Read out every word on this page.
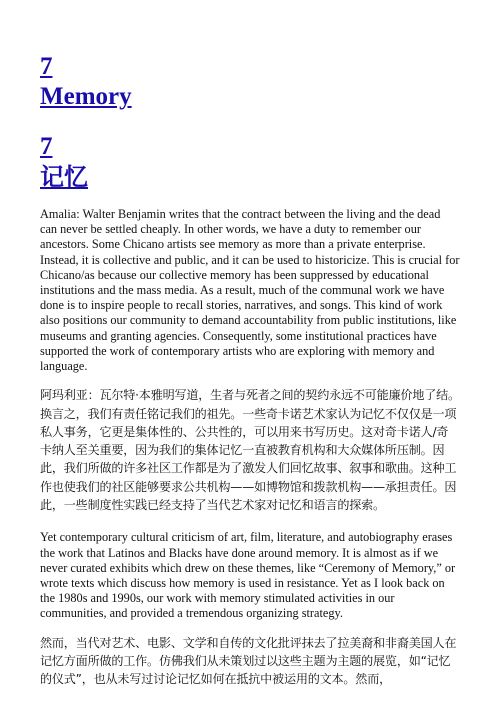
7
Memory
7
记忆

Amalia: Walter Benjamin writes that the contract between the living and the dead can never be settled cheaply. In other words, we have a duty to remember our ancestors. Some Chicano artists see memory as more than a private enterprise. Instead, it is collective and public, and it can be used to historicize. This is crucial for Chicano/as because our collective memory has been suppressed by educational institutions and the mass media. As a result, much of the communal work we have done is to inspire people to recall stories, narratives, and songs. This kind of work also positions our community to demand accountability from public institutions, like museums and granting agencies. Consequently, some institutional practices have supported the work of contemporary artists who are exploring with memory and language.

阿玛利亚：瓦尔特·本雅明写道，生者与死者之间的契约永远不可能廉价地了结。换言之，我们有责任铭记我们的祖先。一些奇卡诺艺术家认为记忆不仅仅是一项私人事务，它更是集体性的、公共性的，可以用来书写历史。这对奇卡诺人/奇卡纳人至关重要，因为我们的集体记忆一直被教育机构和大众媒体所压制。因此，我们所做的许多社区工作都是为了激发人们回忆故事、叙事和歌曲。这种工作也使我们的社区能够要求公共机构——如博物馆和拨款机构——承担责任。因此，一些制度性实践已经支持了当代艺术家对记忆和语言的探索。

Yet contemporary cultural criticism of art, film, literature, and autobiography erases the work that Latinos and Blacks have done around memory. It is almost as if we never curated exhibits which drew on these themes, like “Ceremony of Memory,” or wrote texts which discuss how memory is used in resistance. Yet as I look back on the 1980s and 1990s, our work with memory stimulated activities in our communities, and provided a tremendous organizing strategy.

然而，当代对艺术、电影、文学和自传的文化批评抹去了拉美裔和非裔美国人在记忆方面所做的工作。仿佛我们从未策划过以这些主题为主题的展览，如“记忆的仪式”，也从未写过讨论记忆如何在抵抗中被运用的文本。然而，
